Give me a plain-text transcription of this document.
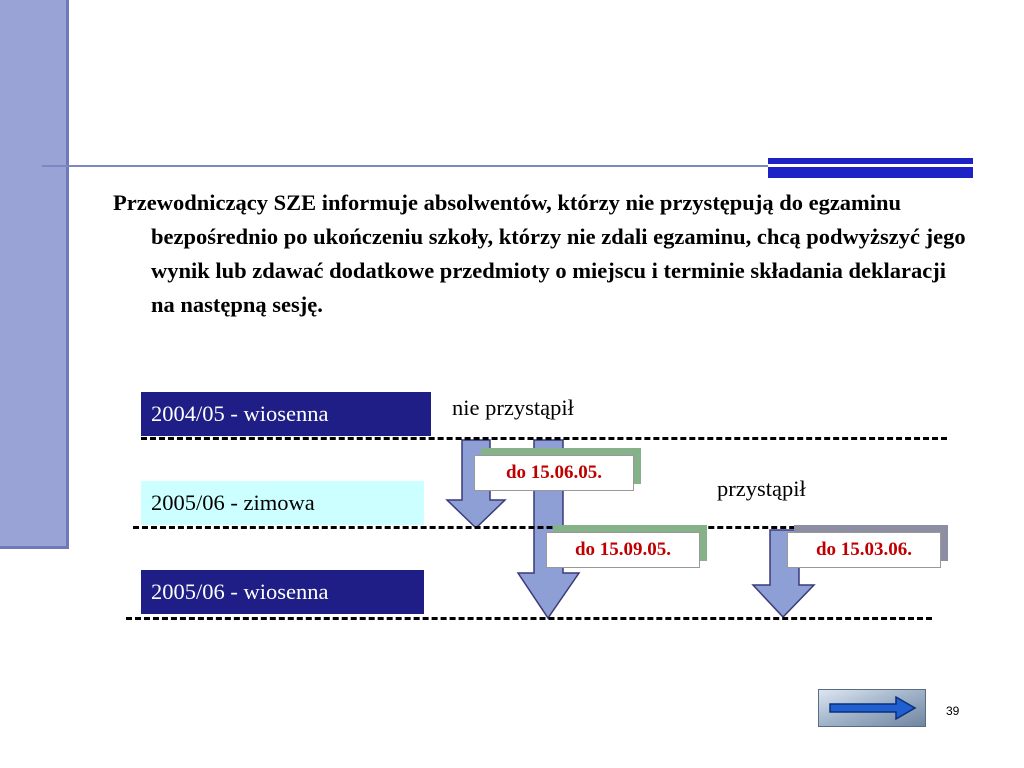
Przewodniczący SZE informuje absolwentów, którzy nie przystępują do egzaminu bezpośrednio po ukończeniu szkoły, którzy nie zdali egzaminu, chcą podwyższyć jego wynik lub zdawać dodatkowe przedmioty o miejscu i terminie składania deklaracji na następną sesję.
2004/05 - wiosenna
2005/06 - zimowa
2005/06 - wiosenna
nie przystąpił
przystąpił
do 15.06.05.
do 15.09.05.	do 15.03.06.
39
